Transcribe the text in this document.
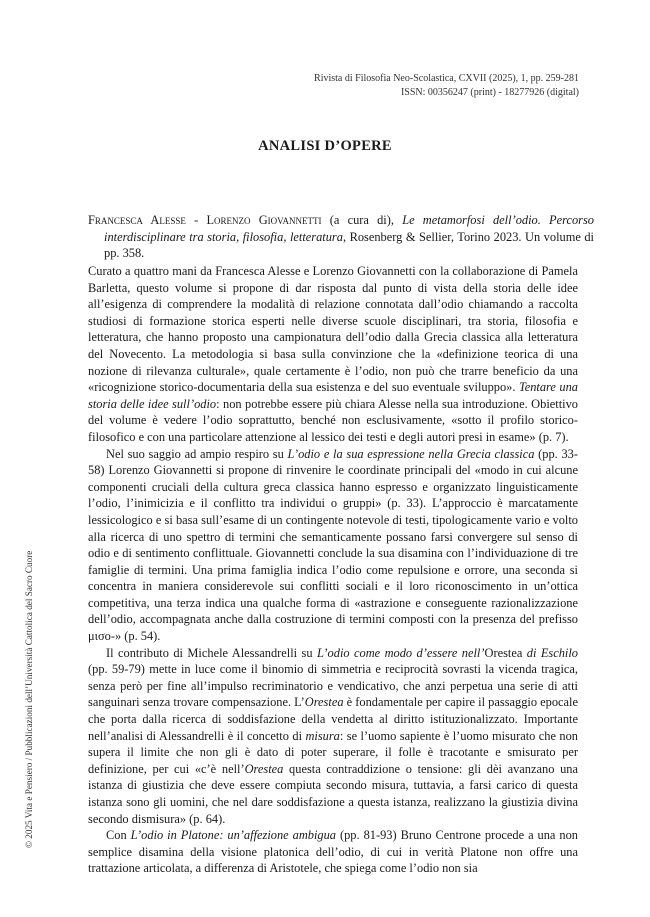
Rivista di Filosofia Neo-Scolastica, CXVII (2025), 1, pp. 259-281
ISSN: 00356247 (print) - 18277926 (digital)
ANALISI D’OPERE
Francesca Alesse - Lorenzo Giovannetti (a cura di), Le metamorfosi dell’odio. Percorso interdisciplinare tra storia, filosofia, letteratura, Rosenberg & Sellier, Torino 2023. Un volume di pp. 358.

Curato a quattro mani da Francesca Alesse e Lorenzo Giovannetti con la collaborazione di Pamela Barletta, questo volume si propone di dar risposta dal punto di vista della storia delle idee all’esigenza di comprendere la modalità di relazione connotata dall’odio chiamando a raccolta studiosi di formazione storica esperti nelle diverse scuole disciplinari, tra storia, filosofia e letteratura, che hanno proposto una campionatura dell’odio dalla Grecia classica alla letteratura del Novecento. La metodologia si basa sulla convinzione che la «definizione teorica di una nozione di rilevanza culturale», quale certamente è l’odio, non può che trarre beneficio da una «ricognizione storico-documentaria della sua esistenza e del suo eventuale sviluppo». Tentare una storia delle idee sull’odio: non potrebbe essere più chiara Alesse nella sua introduzione. Obiettivo del volume è vedere l’odio soprattutto, benché non esclusivamente, «sotto il profilo storico-filosofico e con una particolare attenzione al lessico dei testi e degli autori presi in esame» (p. 7).

Nel suo saggio ad ampio respiro su L’odio e la sua espressione nella Grecia classica (pp. 33-58) Lorenzo Giovannetti si propone di rinvenire le coordinate principali del «modo in cui alcune componenti cruciali della cultura greca classica hanno espresso e organizzato linguisticamente l’odio, l’inimicizia e il conflitto tra individui o gruppi» (p. 33). L’approccio è marcatamente lessicologico e si basa sull’esame di un contingente notevole di testi, tipologicamente vario e volto alla ricerca di uno spettro di termini che semanticamente possano farsi convergere sul senso di odio e di sentimento conflittuale. Giovannetti conclude la sua disamina con l’individuazione di tre famiglie di termini. Una prima famiglia indica l’odio come repulsione e orrore, una seconda si concentra in maniera considerevole sui conflitti sociali e il loro riconoscimento in un’ottica competitiva, una terza indica una qualche forma di «astrazione e conseguente razionalizzazione dell’odio, accompagnata anche dalla costruzione di termini composti con la presenza del prefisso μισο-» (p. 54).

Il contributo di Michele Alessandrelli su L’odio come modo d’essere nell’Orestea di Eschilo (pp. 59-79) mette in luce come il binomio di simmetria e reciprocità sovrasti la vicenda tragica, senza però per fine all’impulso recriminatorio e vendicativo, che anzi perpetua una serie di atti sanguinari senza trovare compensazione. L’Orestea è fondamentale per capire il passaggio epocale che porta dalla ricerca di soddisfazione della vendetta al diritto istituzionalizzato. Importante nell’analisi di Alessandrelli è il concetto di misura: se l’uomo sapiente è l’uomo misurato che non supera il limite che non gli è dato di poter superare, il folle è tracotante e smisurato per definizione, per cui «c’è nell’Orestea questa contraddizione o tensione: gli dèi avanzano una istanza di giustizia che deve essere compiuta secondo misura, tuttavia, a farsi carico di questa istanza sono gli uomini, che nel dare soddisfazione a questa istanza, realizzano la giustizia divina secondo dismisura» (p. 64).

Con L’odio in Platone: un’affezione ambigua (pp. 81-93) Bruno Centrone procede a una non semplice disamina della visione platonica dell’odio, di cui in verità Platone non offre una trattazione articolata, a differenza di Aristotele, che spiega come l’odio non sia

© 2025 Vita e Pensiero / Pubblicazioni dell’Università Cattolica del Sacro Cuore
